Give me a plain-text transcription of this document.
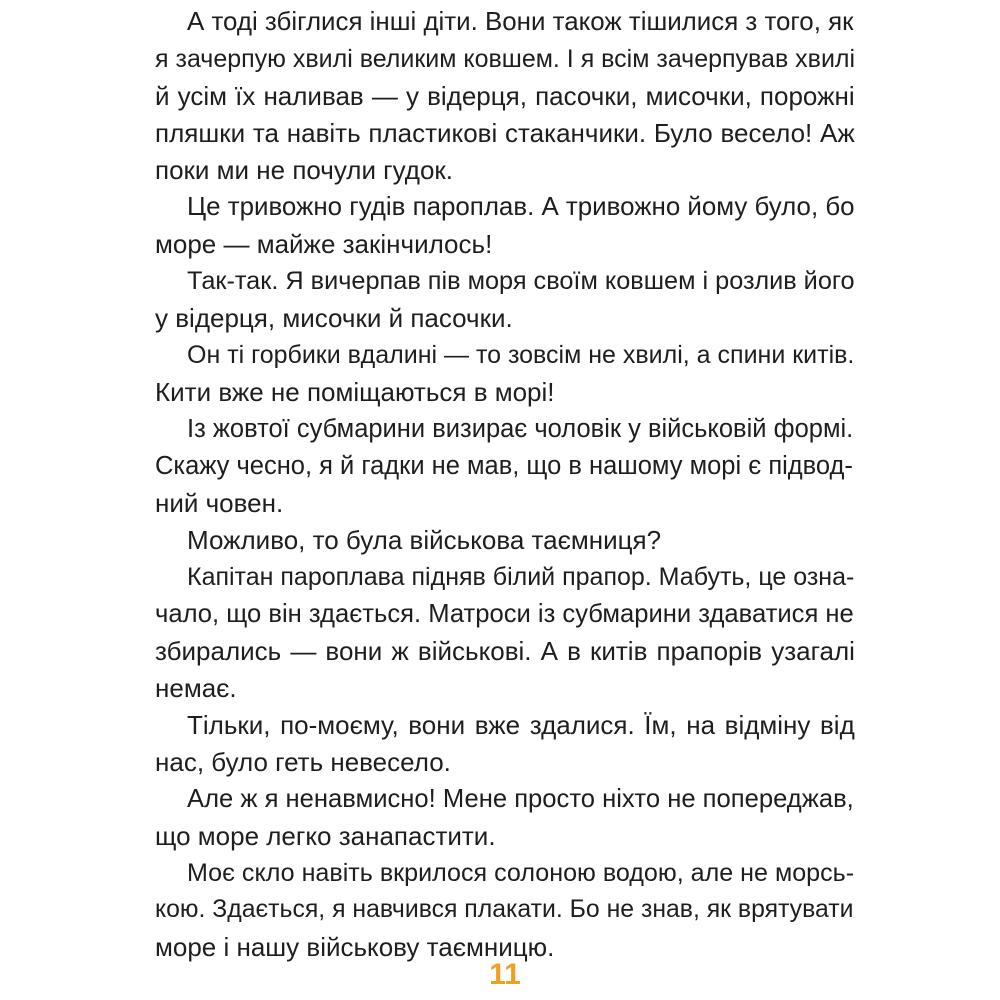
А тоді збіглися інші діти. Вони також тішилися з того, як
я зачерпую хвилі великим ковшем. І я всім зачерпував хвилі
й усім їх наливав — у відерця, пасочки, мисочки, порожні
пляшки та навіть пластикові стаканчики. Було весело! Аж
поки ми не почули гудок.
Це тривожно гудів пароплав. А тривожно йому було, бо
море — майже закінчилось!
Так-так. Я вичерпав пів моря своїм ковшем і розлив його
у відерця, мисочки й пасочки.
Он ті горбики вдалині — то зовсім не хвилі, а спини китів.
Кити вже не поміщаються в морі!
Із жовтої субмарини визирає чоловік у військовій формі.
Скажу чесно, я й гадки не мав, що в нашому морі є підвод-
ний човен.
Можливо, то була військова таємниця?
Капітан пароплава підняв білий прапор. Мабуть, це озна-
чало, що він здається. Матроси із субмарини здаватися не
збирались — вони ж військові. А в китів прапорів узагалі
немає.
Тільки, по-моєму, вони вже здалися. Їм, на відміну від
нас, було геть невесело.
Але ж я ненавмисно! Мене просто ніхто не попереджав,
що море легко занапастити.
Моє скло навіть вкрилося солоною водою, але не морсь-
кою. Здається, я навчився плакати. Бо не знав, як врятувати
море і нашу військову таємницю.
11
